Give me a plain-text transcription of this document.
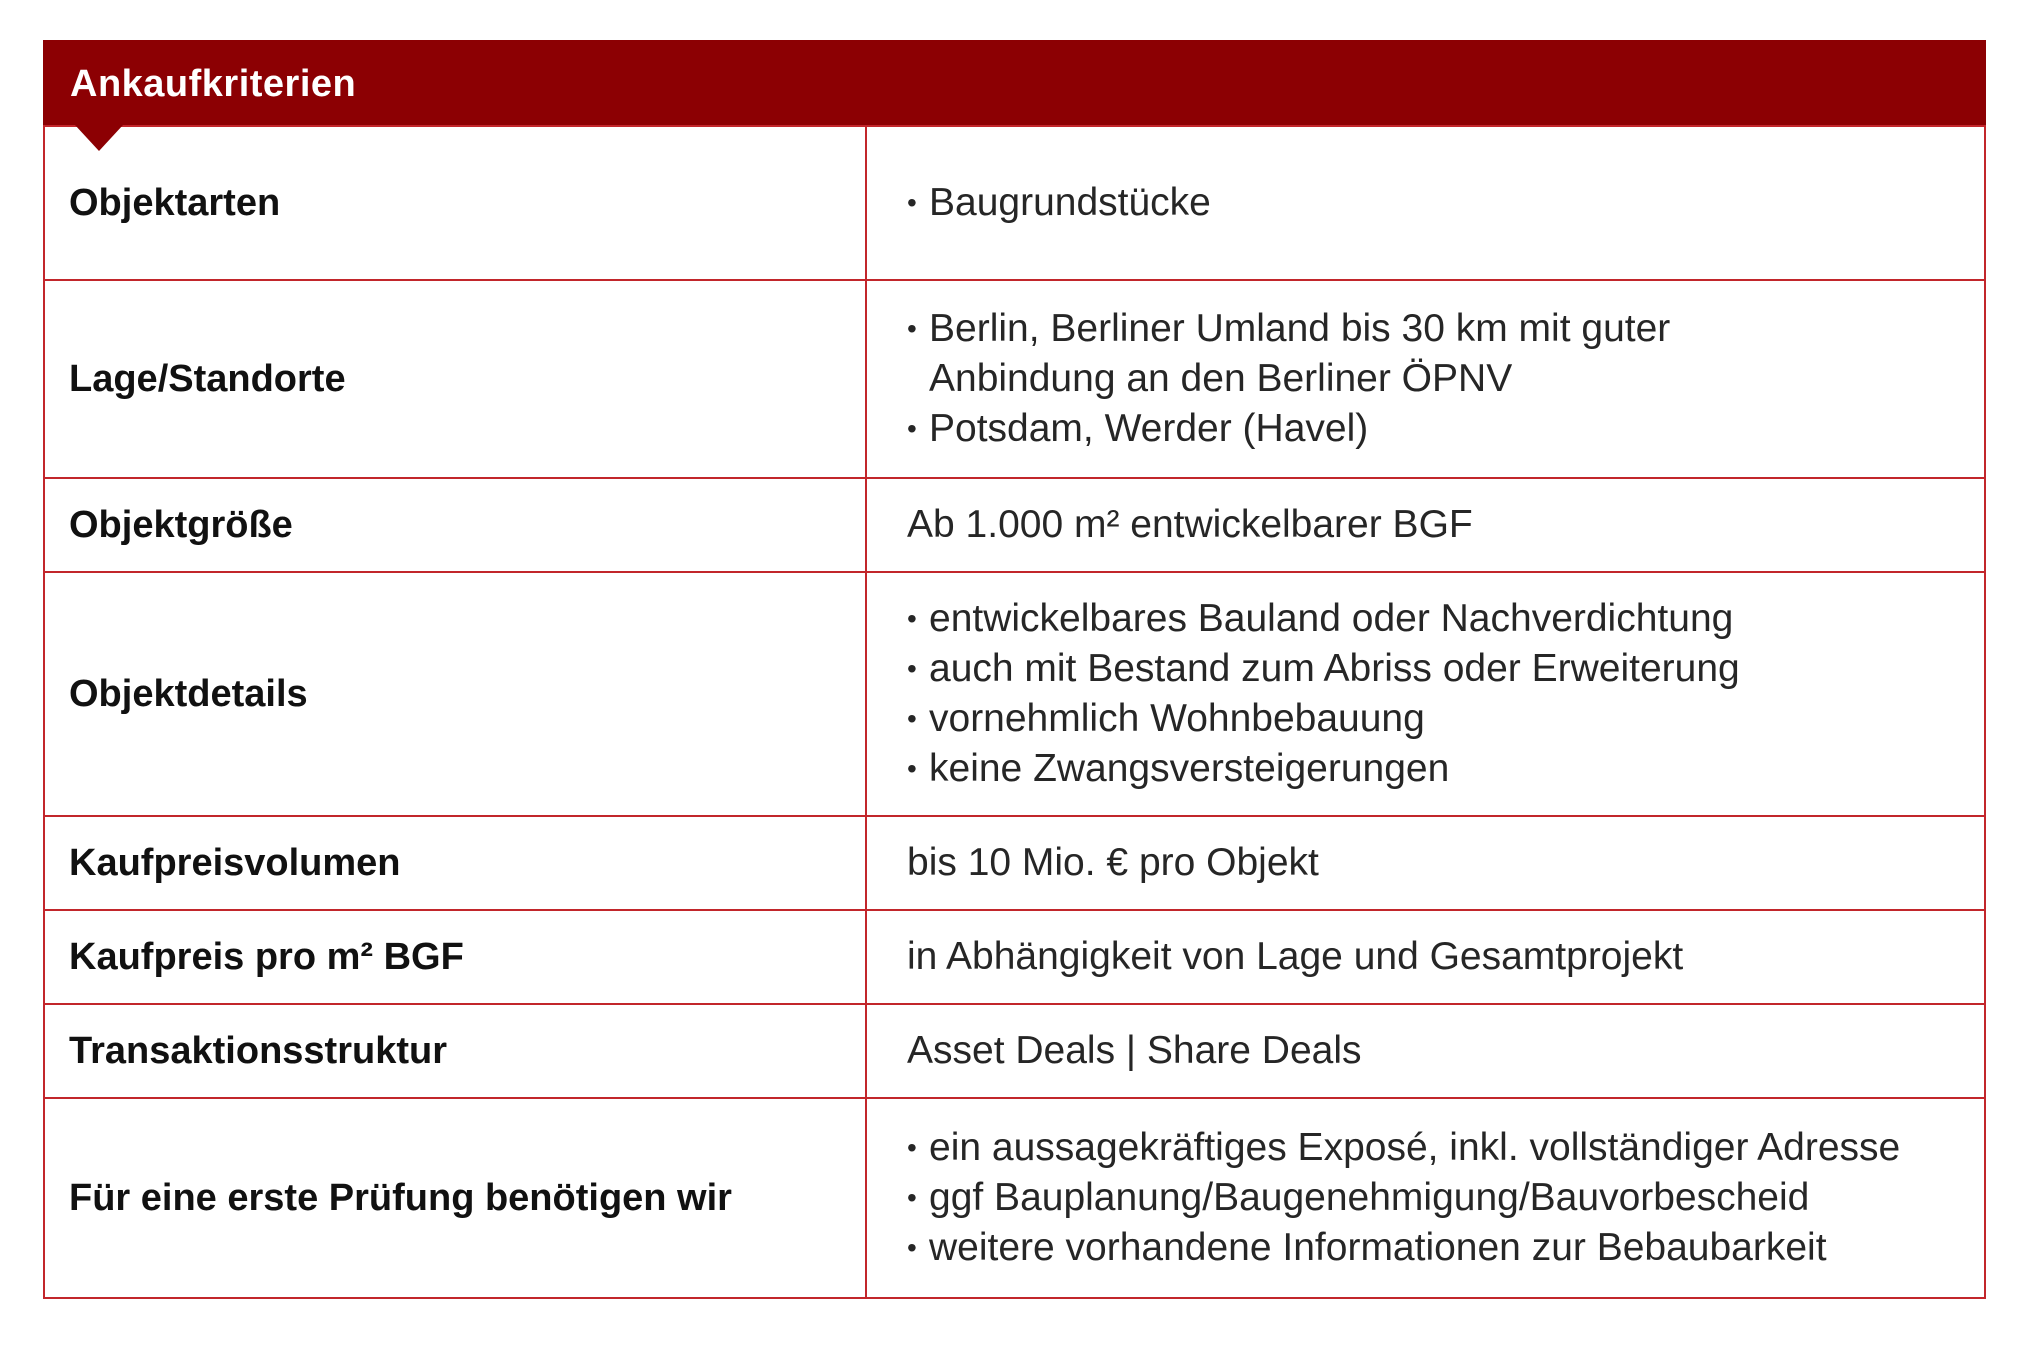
Ankaufkriterien
Objektarten	• Baugrundstücke

Lage/Standorte	• Berlin, Berliner Umland bis 30 km mit guter Anbindung an den Berliner ÖPNV
• Potsdam, Werder (Havel)

Objektgröße	Ab 1.000 m² entwickelbarer BGF
Objektdetails	• entwickelbares Bauland oder Nachverdichtung
• auch mit Bestand zum Abriss oder Erweiterung
• vornehmlich Wohnbebauung
• keine Zwangsversteigerungen

Kaufpreisvolumen	bis 10 Mio. € pro Objekt
Kaufpreis pro m² BGF	in Abhängigkeit von Lage und Gesamtprojekt
Transaktionsstruktur	Asset Deals | Share Deals
Für eine erste Prüfung benötigen wir	• ein aussagekräftiges Exposé, inkl. vollständiger Adresse
• ggf Bauplanung/Baugenehmigung/Bauvorbescheid
• weitere vorhandene Informationen zur Bebaubarkeit
